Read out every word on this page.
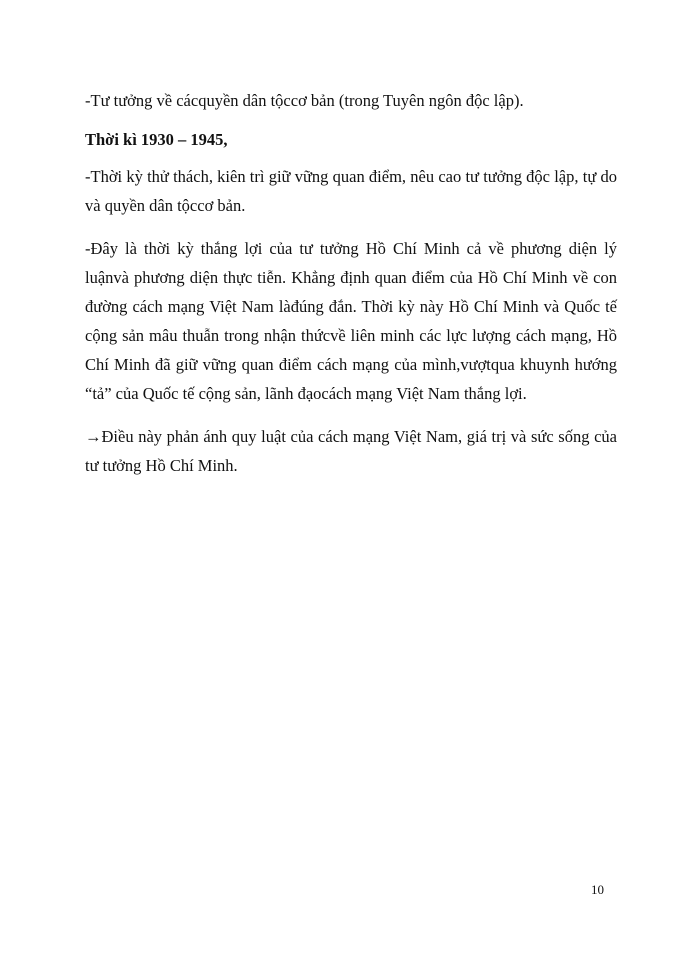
-Tư tưởng về cácquyền dân tộccơ bản (trong Tuyên ngôn độc lập).

Thời kì 1930 – 1945,

-Thời kỳ thử thách, kiên trì giữ vững quan điểm, nêu cao tư tưởng độc lập, tự do và quyền dân tộccơ bản.

-Đây là thời kỳ thắng lợi của tư tưởng Hồ Chí Minh cả về phương diện lý luậnvà phương diện thực tiễn. Khẳng định quan điểm của Hồ Chí Minh về con đường cách mạng Việt Nam làđúng đắn. Thời kỳ này Hồ Chí Minh và Quốc tế cộng sản mâu thuẫn trong nhận thứcvề liên minh các lực lượng cách mạng, Hồ Chí Minh đã giữ vững quan điểm cách mạng của mình,vượtqua khuynh hướng “tả” của Quốc tế cộng sản, lãnh đạocách mạng Việt Nam thắng lợi.

→Điều này phản ánh quy luật của cách mạng Việt Nam, giá trị và sức sống của tư tưởng Hồ Chí Minh.

10
